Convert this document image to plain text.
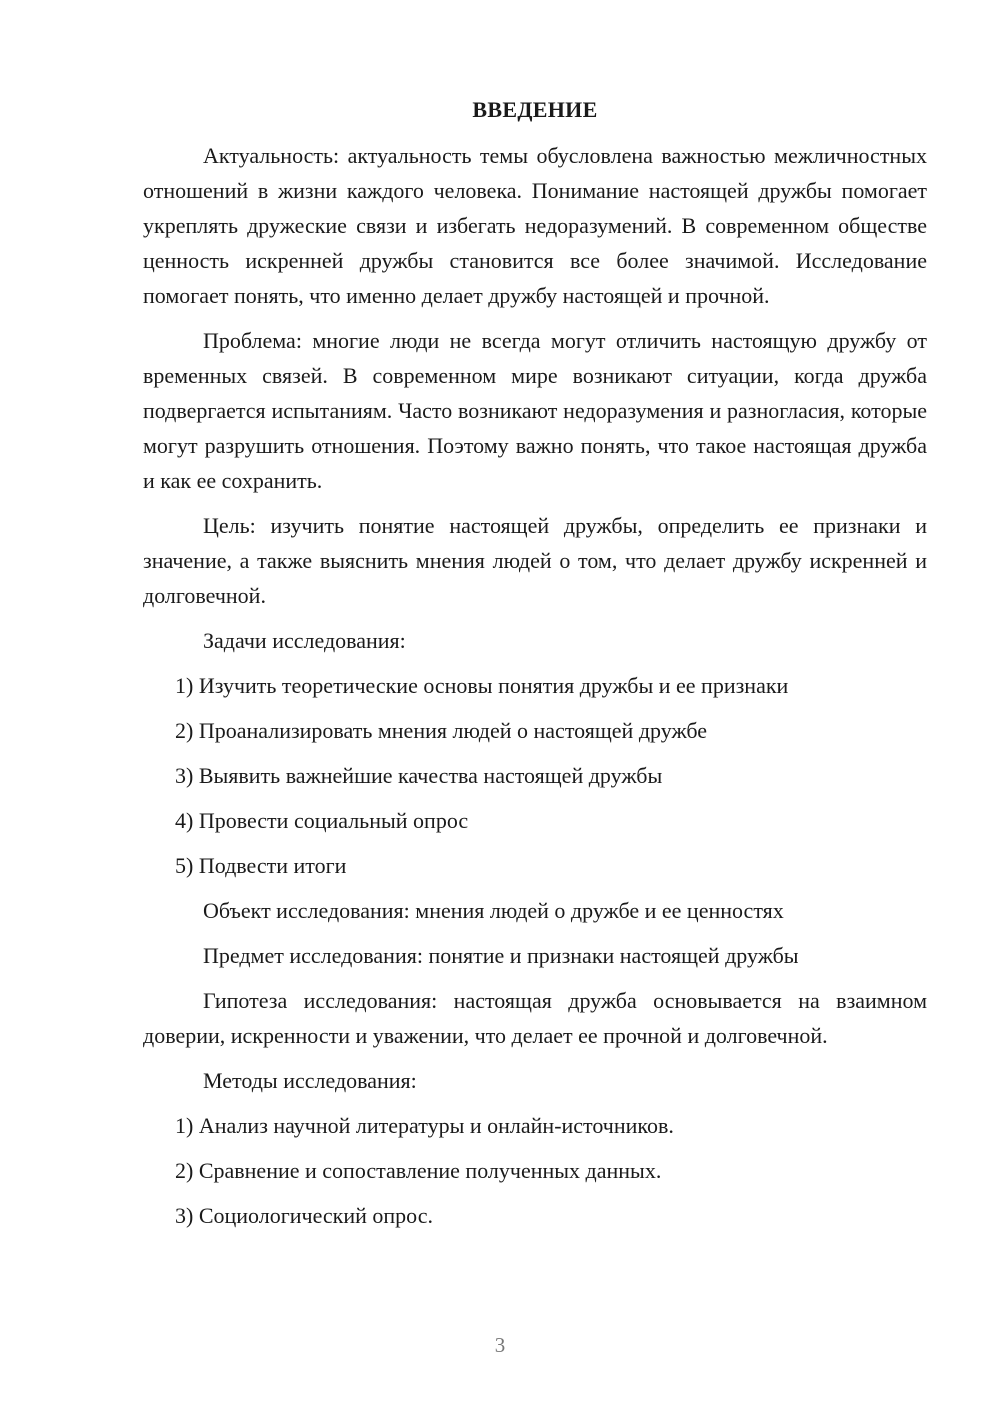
ВВЕДЕНИЕ
Актуальность: актуальность темы обусловлена важностью межличностных отношений в жизни каждого человека. Понимание настоящей дружбы помогает укреплять дружеские связи и избегать недоразумений. В современном обществе ценность искренней дружбы становится все более значимой. Исследование помогает понять, что именно делает дружбу настоящей и прочной.
Проблема: многие люди не всегда могут отличить настоящую дружбу от временных связей. В современном мире возникают ситуации, когда дружба подвергается испытаниям. Часто возникают недоразумения и разногласия, которые могут разрушить отношения. Поэтому важно понять, что такое настоящая дружба и как ее сохранить.
Цель: изучить понятие настоящей дружбы, определить ее признаки и значение, а также выяснить мнения людей о том, что делает дружбу искренней и долговечной.
Задачи исследования:
1) Изучить теоретические основы понятия дружбы и ее признаки
2) Проанализировать мнения людей о настоящей дружбе
3) Выявить важнейшие качества настоящей дружбы
4) Провести социальный опрос
5) Подвести итоги
Объект исследования: мнения людей о дружбе и ее ценностях
Предмет исследования: понятие и признаки настоящей дружбы
Гипотеза исследования: настоящая дружба основывается на взаимном доверии, искренности и уважении, что делает ее прочной и долговечной.
Методы исследования:
1) Анализ научной литературы и онлайн-источников.
2) Сравнение и сопоставление полученных данных.
3) Социологический опрос.
3
